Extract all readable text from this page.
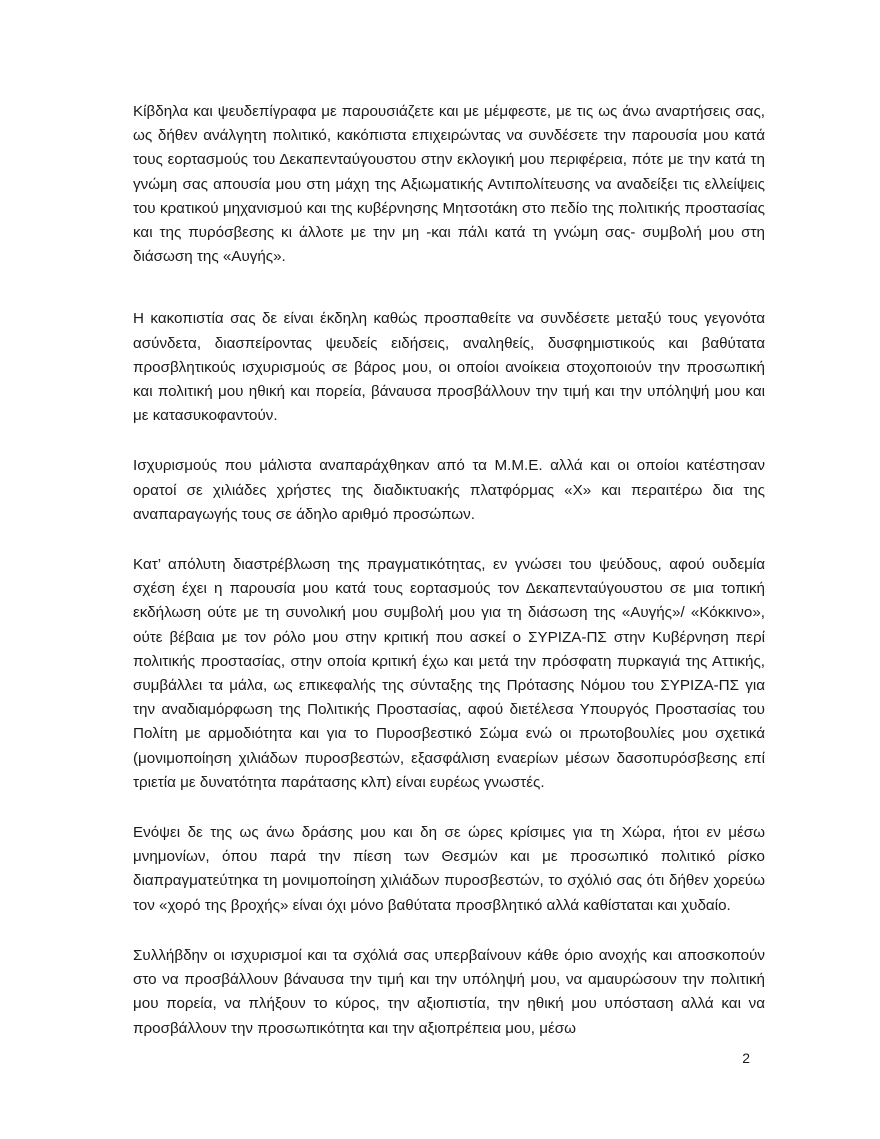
Κίβδηλα και ψευδεπίγραφα με παρουσιάζετε και με μέμφεστε, με τις ως άνω αναρτήσεις σας, ως δήθεν ανάλγητη πολιτικό, κακόπιστα επιχειρώντας να συνδέσετε την παρουσία μου κατά τους εορτασμούς του Δεκαπενταύγουστου στην εκλογική μου περιφέρεια, πότε με την κατά τη γνώμη σας απουσία μου στη μάχη της Αξιωματικής Αντιπολίτευσης να αναδείξει τις ελλείψεις του κρατικού μηχανισμού και της κυβέρνησης Μητσοτάκη στο πεδίο της πολιτικής προστασίας και της πυρόσβεσης κι άλλοτε με την μη -και πάλι κατά τη γνώμη σας- συμβολή μου στη διάσωση της «Αυγής».

Η κακοπιστία σας δε είναι έκδηλη καθώς προσπαθείτε να συνδέσετε μεταξύ τους γεγονότα ασύνδετα, διασπείροντας ψευδείς ειδήσεις, αναληθείς, δυσφημιστικούς και βαθύτατα προσβλητικούς ισχυρισμούς σε βάρος μου, οι οποίοι ανοίκεια στοχοποιούν την προσωπική και πολιτική μου ηθική και πορεία, βάναυσα προσβάλλουν την τιμή και την υπόληψή μου και με κατασυκοφαντούν.

Ισχυρισμούς που μάλιστα αναπαράχθηκαν από τα Μ.Μ.Ε. αλλά και οι οποίοι κατέστησαν ορατοί σε χιλιάδες χρήστες της διαδικτυακής πλατφόρμας «Χ» και περαιτέρω δια της αναπαραγωγής τους σε άδηλο αριθμό προσώπων.

Κατ’ απόλυτη διαστρέβλωση της πραγματικότητας, εν γνώσει του ψεύδους, αφού ουδεμία σχέση έχει η παρουσία μου κατά τους εορτασμούς τον Δεκαπενταύγουστου σε μια τοπική εκδήλωση ούτε με τη συνολική μου συμβολή μου για τη διάσωση της «Αυγής»/ «Κόκκινο», ούτε βέβαια με τον ρόλο μου στην κριτική που ασκεί ο ΣΥΡΙΖΑ-ΠΣ στην Κυβέρνηση περί πολιτικής προστασίας, στην οποία κριτική έχω και μετά την πρόσφατη πυρκαγιά της Αττικής, συμβάλλει τα μάλα, ως επικεφαλής της σύνταξης της Πρότασης Νόμου του ΣΥΡΙΖΑ-ΠΣ για την αναδιαμόρφωση της Πολιτικής Προστασίας, αφού διετέλεσα Υπουργός Προστασίας του Πολίτη με αρμοδιότητα και για το Πυροσβεστικό Σώμα ενώ οι πρωτοβουλίες μου σχετικά (μονιμοποίηση χιλιάδων πυροσβεστών, εξασφάλιση εναερίων μέσων δασοπυρόσβεσης επί τριετία με δυνατότητα παράτασης κλπ) είναι ευρέως γνωστές.

Ενόψει δε της ως άνω δράσης μου και δη σε ώρες κρίσιμες για τη Χώρα, ήτοι εν μέσω μνημονίων, όπου παρά την πίεση των Θεσμών και με προσωπικό πολιτικό ρίσκο διαπραγματεύτηκα τη μονιμοποίηση χιλιάδων πυροσβεστών, το σχόλιό σας ότι δήθεν χορεύω τον «χορό της βροχής» είναι όχι μόνο βαθύτατα προσβλητικό αλλά καθίσταται και χυδαίο.

Συλλήβδην οι ισχυρισμοί και τα σχόλιά σας υπερβαίνουν κάθε όριο ανοχής και αποσκοπούν στο να προσβάλλουν βάναυσα την τιμή και την υπόληψή μου, να αμαυρώσουν την πολιτική μου πορεία, να πλήξουν το κύρος, την αξιοπιστία, την ηθική μου υπόσταση αλλά και να προσβάλλουν την προσωπικότητα και την αξιοπρέπεια μου, μέσω

2
